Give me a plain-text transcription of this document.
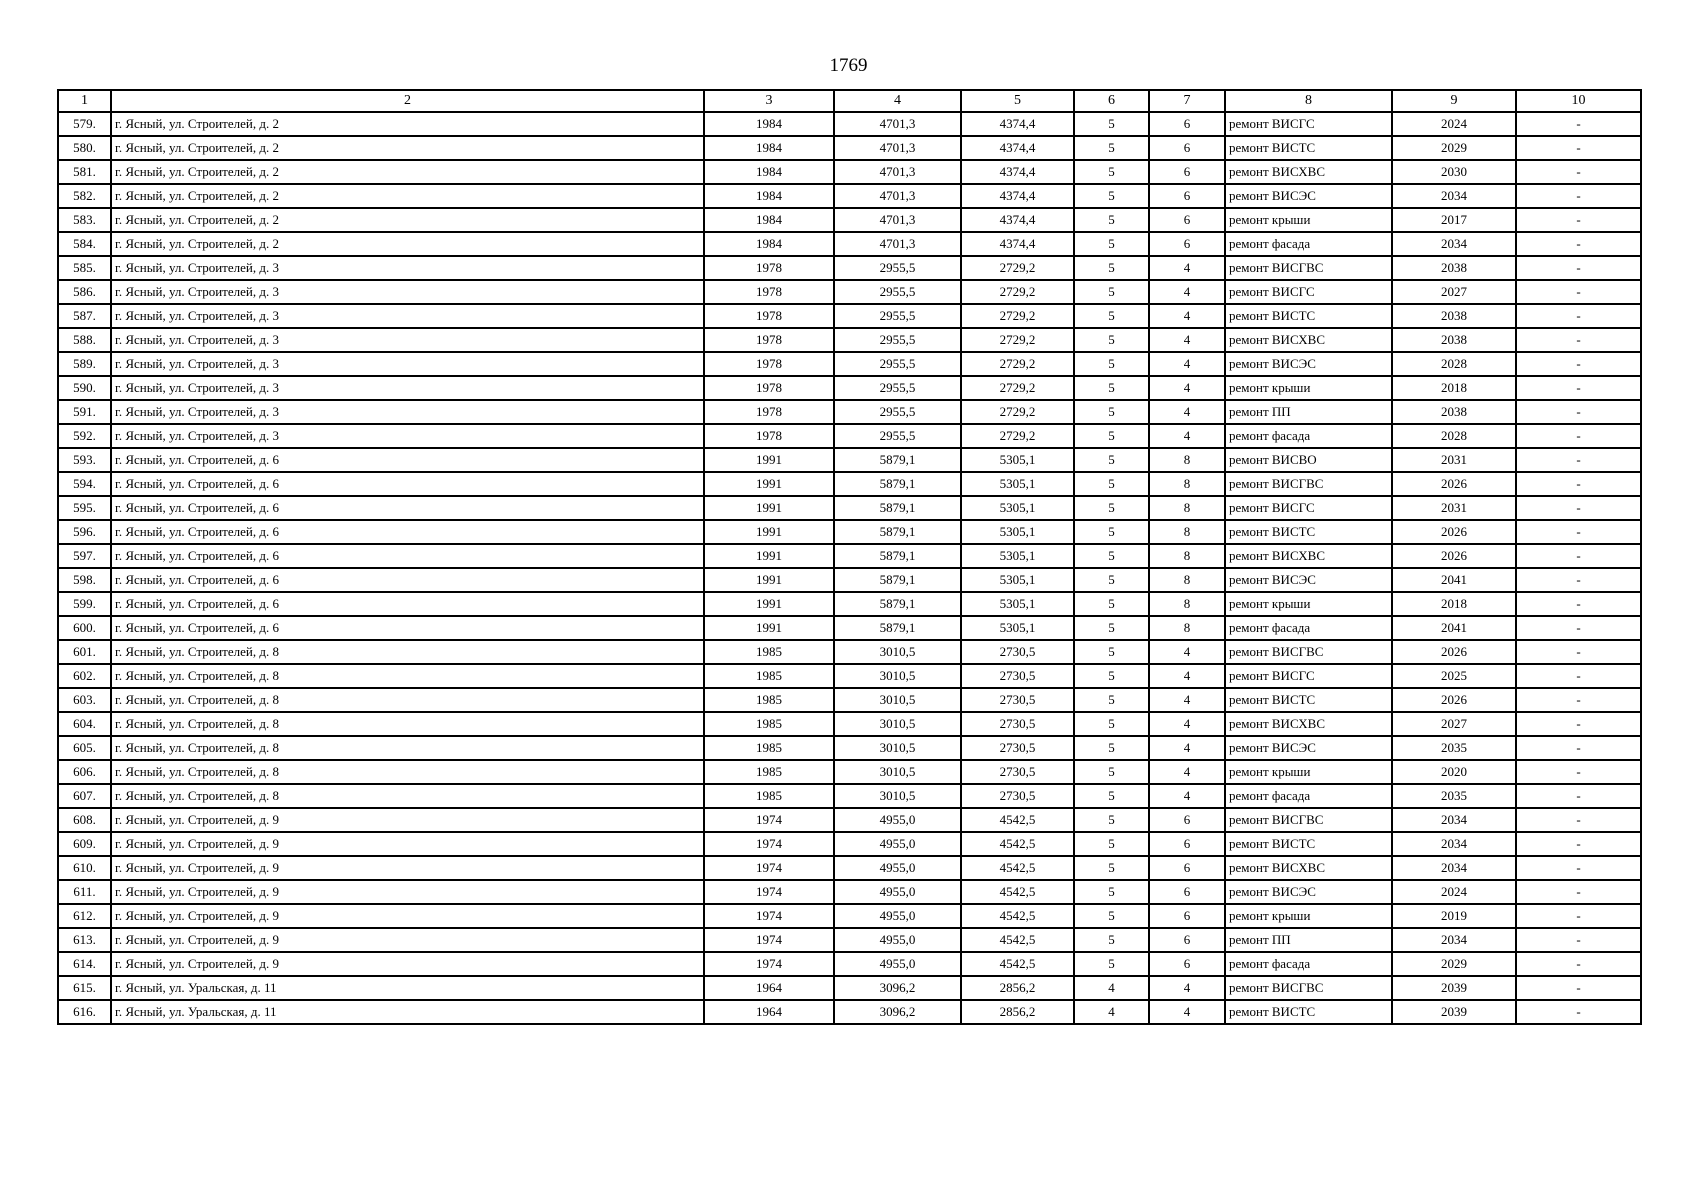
1769
1	2	3	4	5	6	7	8	9	10
579.	г. Ясный, ул. Строителей, д. 2	1984	4701,3	4374,4	5	6	ремонт ВИСГС	2024	-
580.	г. Ясный, ул. Строителей, д. 2	1984	4701,3	4374,4	5	6	ремонт ВИСТС	2029	-
581.	г. Ясный, ул. Строителей, д. 2	1984	4701,3	4374,4	5	6	ремонт ВИСХВС	2030	-
582.	г. Ясный, ул. Строителей, д. 2	1984	4701,3	4374,4	5	6	ремонт ВИСЭС	2034	-
583.	г. Ясный, ул. Строителей, д. 2	1984	4701,3	4374,4	5	6	ремонт крыши	2017	-
584.	г. Ясный, ул. Строителей, д. 2	1984	4701,3	4374,4	5	6	ремонт фасада	2034	-
585.	г. Ясный, ул. Строителей, д. 3	1978	2955,5	2729,2	5	4	ремонт ВИСГВС	2038	-
586.	г. Ясный, ул. Строителей, д. 3	1978	2955,5	2729,2	5	4	ремонт ВИСГС	2027	-
587.	г. Ясный, ул. Строителей, д. 3	1978	2955,5	2729,2	5	4	ремонт ВИСТС	2038	-
588.	г. Ясный, ул. Строителей, д. 3	1978	2955,5	2729,2	5	4	ремонт ВИСХВС	2038	-
589.	г. Ясный, ул. Строителей, д. 3	1978	2955,5	2729,2	5	4	ремонт ВИСЭС	2028	-
590.	г. Ясный, ул. Строителей, д. 3	1978	2955,5	2729,2	5	4	ремонт крыши	2018	-
591.	г. Ясный, ул. Строителей, д. 3	1978	2955,5	2729,2	5	4	ремонт ПП	2038	-
592.	г. Ясный, ул. Строителей, д. 3	1978	2955,5	2729,2	5	4	ремонт фасада	2028	-
593.	г. Ясный, ул. Строителей, д. 6	1991	5879,1	5305,1	5	8	ремонт ВИСВО	2031	-
594.	г. Ясный, ул. Строителей, д. 6	1991	5879,1	5305,1	5	8	ремонт ВИСГВС	2026	-
595.	г. Ясный, ул. Строителей, д. 6	1991	5879,1	5305,1	5	8	ремонт ВИСГС	2031	-
596.	г. Ясный, ул. Строителей, д. 6	1991	5879,1	5305,1	5	8	ремонт ВИСТС	2026	-
597.	г. Ясный, ул. Строителей, д. 6	1991	5879,1	5305,1	5	8	ремонт ВИСХВС	2026	-
598.	г. Ясный, ул. Строителей, д. 6	1991	5879,1	5305,1	5	8	ремонт ВИСЭС	2041	-
599.	г. Ясный, ул. Строителей, д. 6	1991	5879,1	5305,1	5	8	ремонт крыши	2018	-
600.	г. Ясный, ул. Строителей, д. 6	1991	5879,1	5305,1	5	8	ремонт фасада	2041	-
601.	г. Ясный, ул. Строителей, д. 8	1985	3010,5	2730,5	5	4	ремонт ВИСГВС	2026	-
602.	г. Ясный, ул. Строителей, д. 8	1985	3010,5	2730,5	5	4	ремонт ВИСГС	2025	-
603.	г. Ясный, ул. Строителей, д. 8	1985	3010,5	2730,5	5	4	ремонт ВИСТС	2026	-
604.	г. Ясный, ул. Строителей, д. 8	1985	3010,5	2730,5	5	4	ремонт ВИСХВС	2027	-
605.	г. Ясный, ул. Строителей, д. 8	1985	3010,5	2730,5	5	4	ремонт ВИСЭС	2035	-
606.	г. Ясный, ул. Строителей, д. 8	1985	3010,5	2730,5	5	4	ремонт крыши	2020	-
607.	г. Ясный, ул. Строителей, д. 8	1985	3010,5	2730,5	5	4	ремонт фасада	2035	-
608.	г. Ясный, ул. Строителей, д. 9	1974	4955,0	4542,5	5	6	ремонт ВИСГВС	2034	-
609.	г. Ясный, ул. Строителей, д. 9	1974	4955,0	4542,5	5	6	ремонт ВИСТС	2034	-
610.	г. Ясный, ул. Строителей, д. 9	1974	4955,0	4542,5	5	6	ремонт ВИСХВС	2034	-
611.	г. Ясный, ул. Строителей, д. 9	1974	4955,0	4542,5	5	6	ремонт ВИСЭС	2024	-
612.	г. Ясный, ул. Строителей, д. 9	1974	4955,0	4542,5	5	6	ремонт крыши	2019	-
613.	г. Ясный, ул. Строителей, д. 9	1974	4955,0	4542,5	5	6	ремонт ПП	2034	-
614.	г. Ясный, ул. Строителей, д. 9	1974	4955,0	4542,5	5	6	ремонт фасада	2029	-
615.	г. Ясный, ул. Уральская, д. 11	1964	3096,2	2856,2	4	4	ремонт ВИСГВС	2039	-
616.	г. Ясный, ул. Уральская, д. 11	1964	3096,2	2856,2	4	4	ремонт ВИСТС	2039	-
